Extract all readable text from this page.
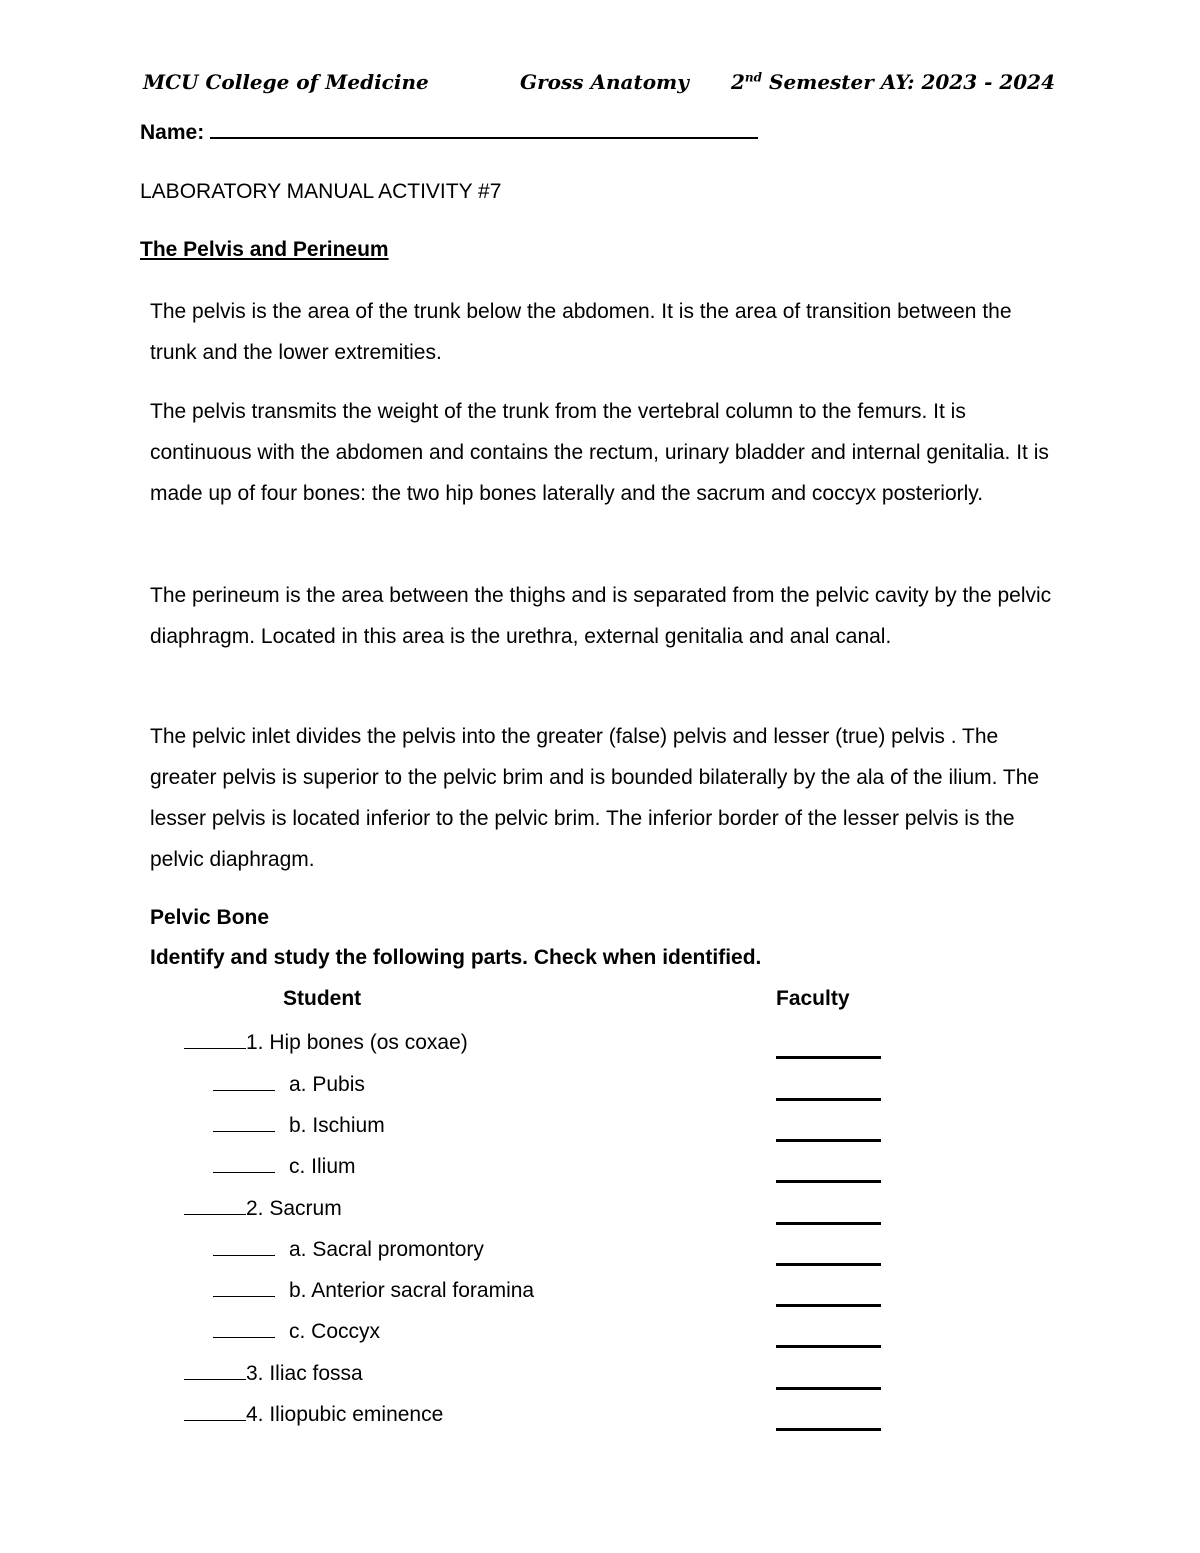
MCU College of Medicine	Gross Anatomy 2nd Semester AY: 2023 - 2024
Name:
LABORATORY MANUAL ACTIVITY #7
The Pelvis and Perineum
The pelvis is the area of the trunk below the abdomen. It is the area of transition between the trunk and the lower extremities.
The pelvis transmits the weight of the trunk from the vertebral column to the femurs. It is continuous with the abdomen and contains the rectum, urinary bladder and internal genitalia. It is made up of four bones: the two hip bones laterally and the sacrum and coccyx posteriorly.
The perineum is the area between the thighs and is separated from the pelvic cavity by the pelvic diaphragm. Located in this area is the urethra, external genitalia and anal canal.
The pelvic inlet divides the pelvis into the greater (false) pelvis and lesser (true) pelvis . The greater pelvis is superior to the pelvic brim and is bounded bilaterally by the ala of the ilium. The lesser pelvis is located inferior to the pelvic brim. The inferior border of the lesser pelvis is the pelvic diaphragm.
Pelvic Bone
Identify and study the following parts. Check when identified.
Student	Faculty
1. Hip bones (os coxae)
a. Pubis
b. Ischium
c. Ilium
2. Sacrum
a. Sacral promontory
b. Anterior sacral foramina
c. Coccyx
3. Iliac fossa
4. Iliopubic eminence
